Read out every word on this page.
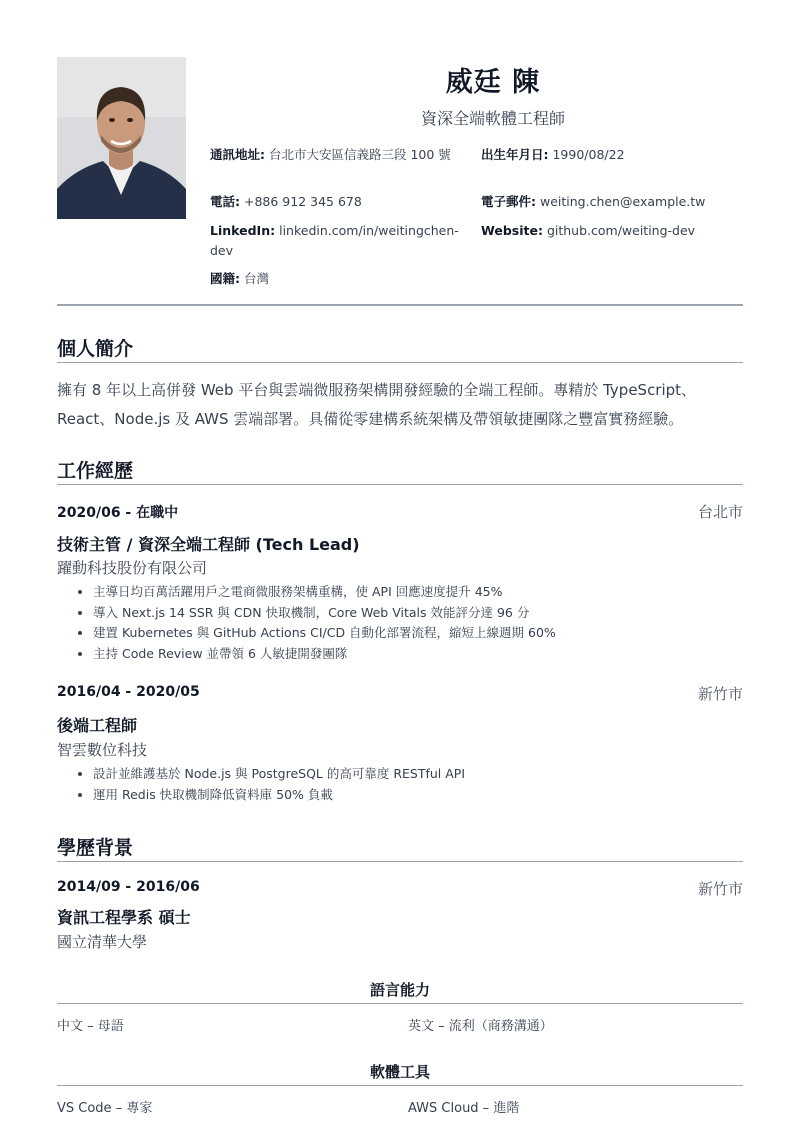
威廷 陳
資深全端軟體工程師
通訊地址: 台北市大安區信義路三段 100 號	出生年月日: 1990/08/22
電話: +886 912 345 678	電子郵件: weiting.chen@example.tw
LinkedIn: linkedin.com/in/weitingchen-dev
Website: github.com/weiting-dev
國籍: 台灣
個人簡介
擁有 8 年以上高併發 Web 平台與雲端微服務架構開發經驗的全端工程師。專精於 TypeScript、React、Node.js 及 AWS 雲端部署。具備從零建構系統架構及帶領敏捷團隊之豐富實務經驗。
工作經歷
2020/06 - 在職中	台北市
技術主管 / 資深全端工程師 (Tech Lead)
躍動科技股份有限公司
• 主導日均百萬活躍用戶之電商微服務架構重構，使 API 回應速度提升 45%
• 導入 Next.js 14 SSR 與 CDN 快取機制，Core Web Vitals 效能評分達 96 分
• 建置 Kubernetes 與 GitHub Actions CI/CD 自動化部署流程，縮短上線週期 60%
• 主持 Code Review 並帶領 6 人敏捷開發團隊
2016/04 - 2020/05	新竹市
後端工程師
智雲數位科技
• 設計並維護基於 Node.js 與 PostgreSQL 的高可靠度 RESTful API
• 運用 Redis 快取機制降低資料庫 50% 負載
學歷背景
2014/09 - 2016/06	新竹市
資訊工程學系 碩士
國立清華大學
語言能力
中文 – 母語	英文 – 流利（商務溝通）
軟體工具
VS Code – 專家	AWS Cloud – 進階
